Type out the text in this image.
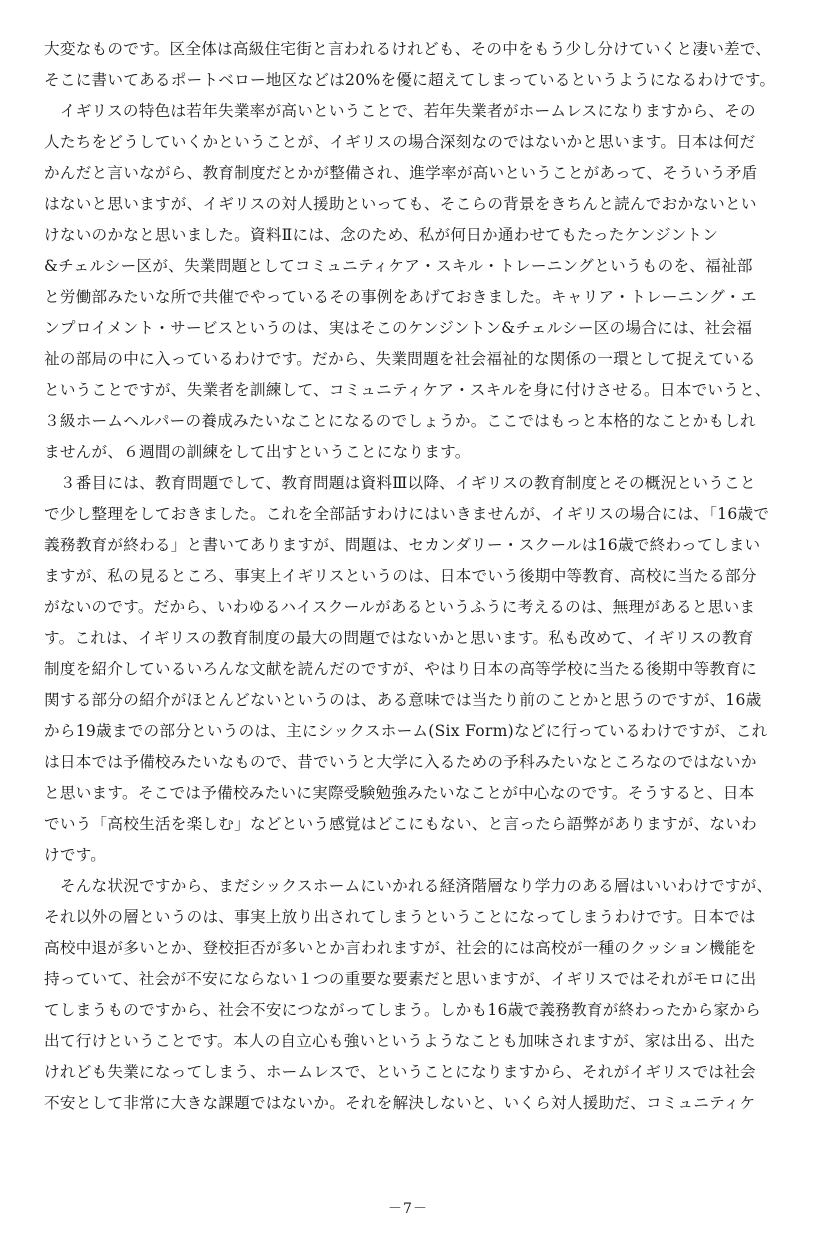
大変なものです。区全体は高級住宅街と言われるけれども、その中をもう少し分けていくと凄い差で、
そこに書いてあるポートベロー地区などは20%を優に超えてしまっているというようになるわけです。
　イギリスの特色は若年失業率が高いということで、若年失業者がホームレスになりますから、その
人たちをどうしていくかということが、イギリスの場合深刻なのではないかと思います。日本は何だ
かんだと言いながら、教育制度だとかが整備され、進学率が高いということがあって、そういう矛盾
はないと思いますが、イギリスの対人援助といっても、そこらの背景をきちんと読んでおかないとい
けないのかなと思いました。資料Ⅱには、念のため、私が何日か通わせてもたったケンジントン
&チェルシー区が、失業問題としてコミュニティケア・スキル・トレーニングというものを、福祉部
と労働部みたいな所で共催でやっているその事例をあげておきました。キャリア・トレーニング・エ
ンプロイメント・サービスというのは、実はそこのケンジントン&チェルシー区の場合には、社会福
祉の部局の中に入っているわけです。だから、失業問題を社会福祉的な関係の一環として捉えている
ということですが、失業者を訓練して、コミュニティケア・スキルを身に付けさせる。日本でいうと、
３級ホームヘルパーの養成みたいなことになるのでしょうか。ここではもっと本格的なことかもしれ
ませんが、６週間の訓練をして出すということになります。
　３番目には、教育問題でして、教育問題は資料Ⅲ以降、イギリスの教育制度とその概況ということ
で少し整理をしておきました。これを全部話すわけにはいきませんが、イギリスの場合には、「16歳で
義務教育が終わる」と書いてありますが、問題は、セカンダリー・スクールは16歳で終わってしまい
ますが、私の見るところ、事実上イギリスというのは、日本でいう後期中等教育、高校に当たる部分
がないのです。だから、いわゆるハイスクールがあるというふうに考えるのは、無理があると思いま
す。これは、イギリスの教育制度の最大の問題ではないかと思います。私も改めて、イギリスの教育
制度を紹介しているいろんな文献を読んだのですが、やはり日本の高等学校に当たる後期中等教育に
関する部分の紹介がほとんどないというのは、ある意味では当たり前のことかと思うのですが、16歳
から19歳までの部分というのは、主にシックスホーム(Six Form)などに行っているわけですが、これ
は日本では予備校みたいなもので、昔でいうと大学に入るための予科みたいなところなのではないか
と思います。そこでは予備校みたいに実際受験勉強みたいなことが中心なのです。そうすると、日本
でいう「高校生活を楽しむ」などという感覚はどこにもない、と言ったら語弊がありますが、ないわ
けです。
　そんな状況ですから、まだシックスホームにいかれる経済階層なり学力のある層はいいわけですが、
それ以外の層というのは、事実上放り出されてしまうということになってしまうわけです。日本では
高校中退が多いとか、登校拒否が多いとか言われますが、社会的には高校が一種のクッション機能を
持っていて、社会が不安にならない１つの重要な要素だと思いますが、イギリスではそれがモロに出
てしまうものですから、社会不安につながってしまう。しかも16歳で義務教育が終わったから家から
出て行けということです。本人の自立心も強いというようなことも加味されますが、家は出る、出た
けれども失業になってしまう、ホームレスで、ということになりますから、それがイギリスでは社会
不安として非常に大きな課題ではないか。それを解決しないと、いくら対人援助だ、コミュニティケ
－7－
